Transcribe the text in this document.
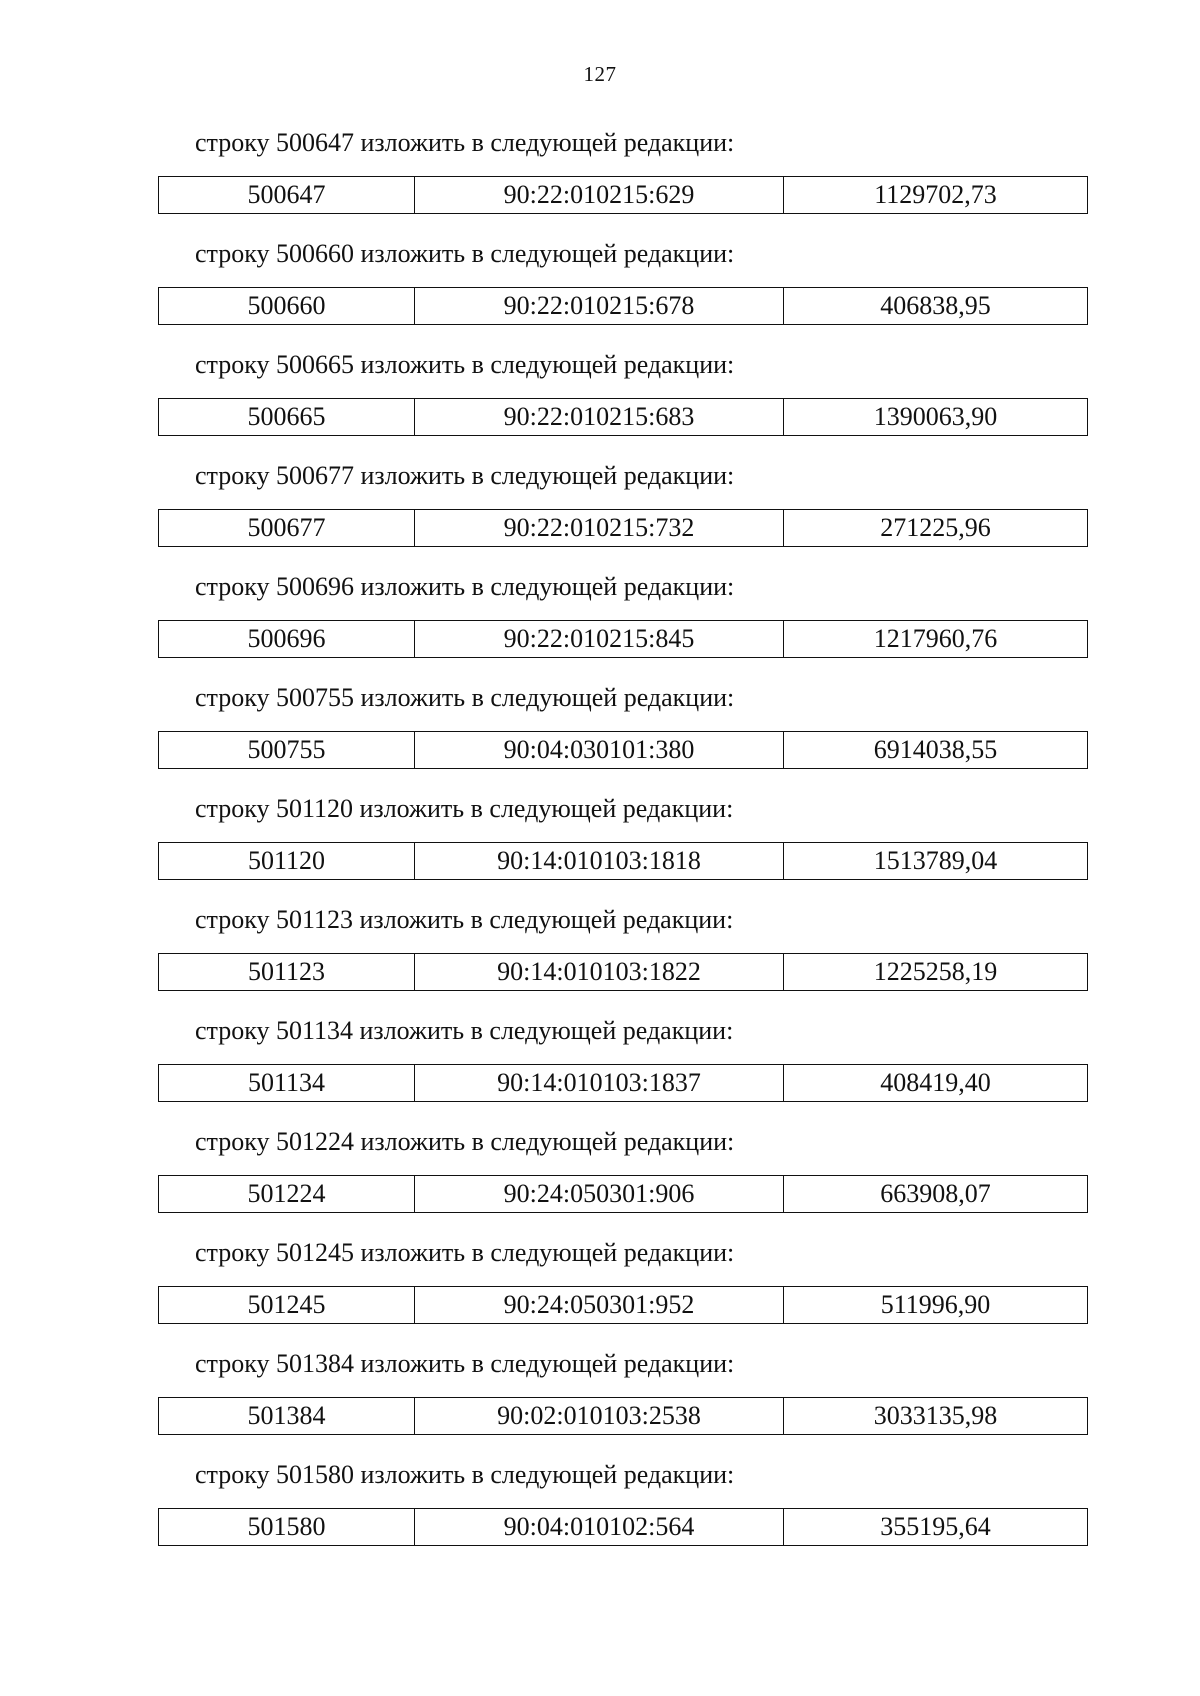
127
строку 500647 изложить в следующей редакции:
500647	90:22:010215:629	1129702,73
строку 500660 изложить в следующей редакции:
500660	90:22:010215:678	406838,95
строку 500665 изложить в следующей редакции:
500665	90:22:010215:683	1390063,90
строку 500677 изложить в следующей редакции:
500677	90:22:010215:732	271225,96
строку 500696 изложить в следующей редакции:
500696	90:22:010215:845	1217960,76
строку 500755 изложить в следующей редакции:
500755	90:04:030101:380	6914038,55
строку 501120 изложить в следующей редакции:
501120	90:14:010103:1818	1513789,04
строку 501123 изложить в следующей редакции:
501123	90:14:010103:1822	1225258,19
строку 501134 изложить в следующей редакции:
501134	90:14:010103:1837	408419,40
строку 501224 изложить в следующей редакции:
501224	90:24:050301:906	663908,07
строку 501245 изложить в следующей редакции:
501245	90:24:050301:952	511996,90
строку 501384 изложить в следующей редакции:
501384	90:02:010103:2538	3033135,98
строку 501580 изложить в следующей редакции:
501580	90:04:010102:564	355195,64
